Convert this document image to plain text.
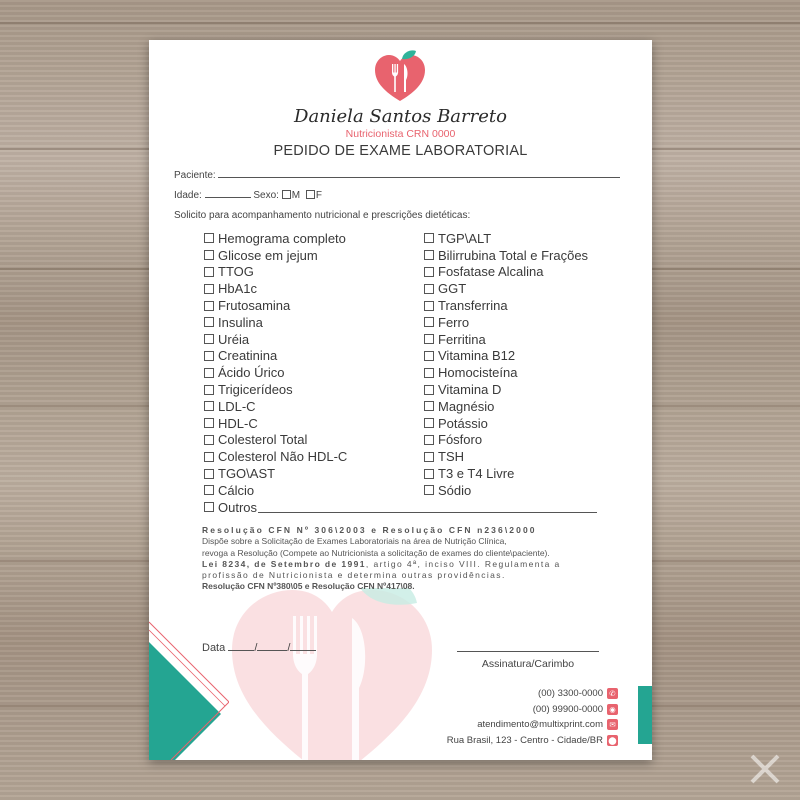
Daniela Santos Barreto
Nutricionista CRN 0000
PEDIDO DE EXAME LABORATORIAL
Paciente:
Idade:	Sexo: M F
Solicito para acompanhamento nutricional e prescrições dietéticas:
Hemograma completo
Glicose em jejum
TTOG
HbA1c
Frutosamina
Insulina
Uréia
Creatinina
Ácido Úrico
Trigicerídeos
LDL-C
HDL-C
Colesterol Total
Colesterol Não HDL-C
TGO\AST
Cálcio
Outros
TGP\ALT
Bilirrubina Total e Frações
Fosfatase Alcalina
GGT
Transferrina
Ferro
Ferritina
Vitamina B12
Homocisteína
Vitamina D
Magnésio
Potássio
Fósforo
TSH
T3 e T4 Livre
Sódio

Resolução CFN Nº 306\2003 e Resolução CFN n236\2000

Dispõe sobre a Solicitação de Exames Laboratoriais na área de Nutrição Clínica,

revoga a Resolução (Compete ao Nutricionista a solicitação de exames do cliente\paciente).

Lei 8234, de Setembro de 1991, artigo 4ª, inciso VIII. Regulamenta a

profissão de Nutricionista e determina outras providências.

Resolução CFN Nº380\05 e Resolução CFN Nº417\08.

Data	/	/
Assinatura/Carimbo
(00) 3300-0000 ✆
(00) 99900-0000 ◉
atendimento@multixprint.com ✉
Rua Brasil, 123 - Centro - Cidade/BR ⬤
